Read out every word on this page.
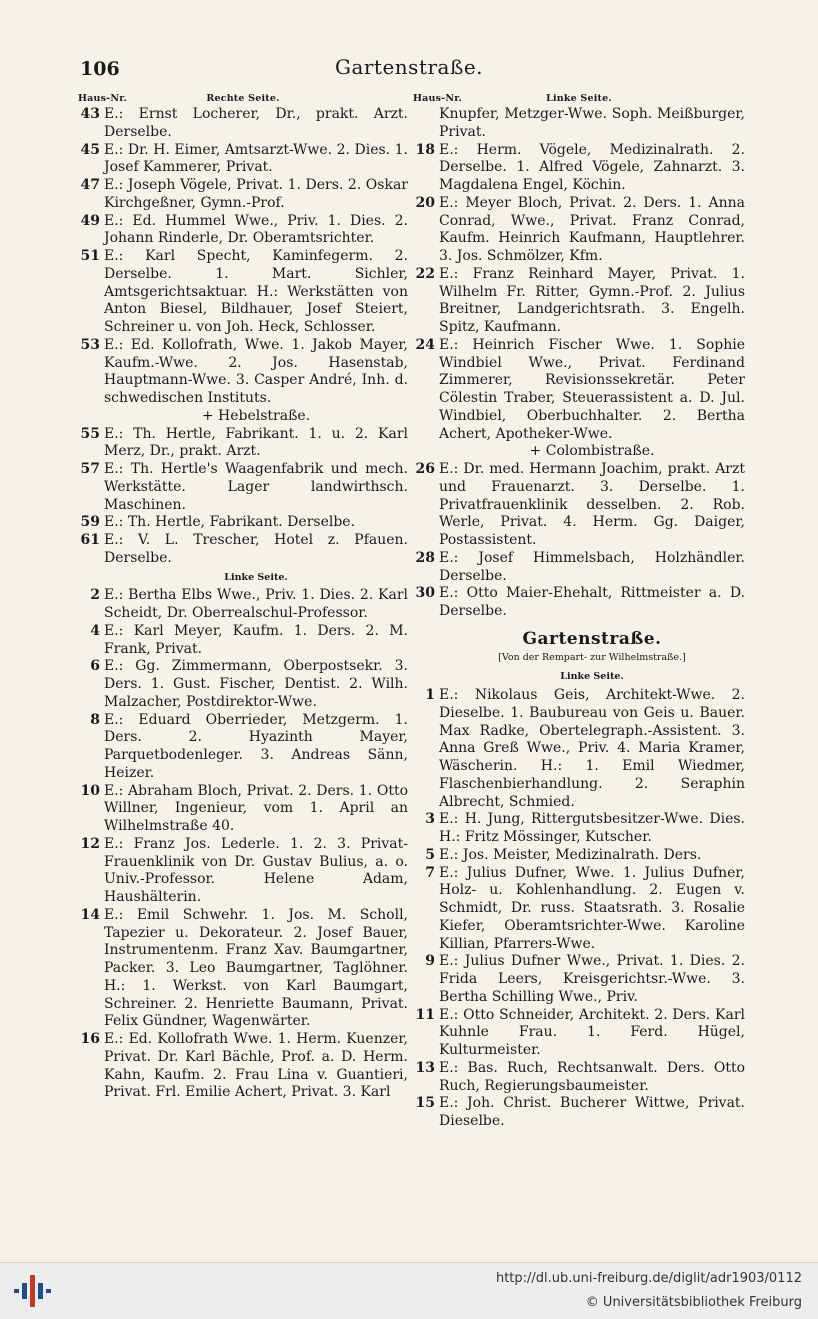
106	Gartenstraße.
Haus-Nr.	Rechte Seite.
43 E.: Ernst Locherer, Dr., prakt. Arzt. Derselbe.
45 E.: Dr. H. Eimer, Amtsarzt-Wwe. 2. Dies. 1. Josef Kammerer, Privat.
47 E.: Joseph Vögele, Privat. 1. Ders. 2. Oskar Kirchgeßner, Gymn.-Prof.
49 E.: Ed. Hummel Wwe., Priv. 1. Dies. 2. Johann Rinderle, Dr. Oberamtsrichter.
51 E.: Karl Specht, Kaminfegerm. 2. Derselbe. 1. Mart. Sichler, Amtsgerichtsaktuar. H.: Werkstätten von Anton Biesel, Bildhauer, Josef Steiert, Schreiner u. von Joh. Heck, Schlosser.
53 E.: Ed. Kollofrath, Wwe. 1. Jakob Mayer, Kaufm.-Wwe. 2. Jos. Hasenstab, Hauptmann-Wwe. 3. Casper André, Inh. d. schwedischen Instituts.
+ Hebelstraße.
55 E.: Th. Hertle, Fabrikant. 1. u. 2. Karl Merz, Dr., prakt. Arzt.
57 E.: Th. Hertle's Waagenfabrik und mech. Werkstätte. Lager landwirthsch. Maschinen.
59 E.: Th. Hertle, Fabrikant. Derselbe.
61 E.: V. L. Trescher, Hotel z. Pfauen. Derselbe.
Linke Seite.
2 E.: Bertha Elbs Wwe., Priv. 1. Dies. 2. Karl Scheidt, Dr. Oberrealschul-Professor.
4 E.: Karl Meyer, Kaufm. 1. Ders. 2. M. Frank, Privat.
6 E.: Gg. Zimmermann, Oberpostsekr. 3. Ders. 1. Gust. Fischer, Dentist. 2. Wilh. Malzacher, Postdirektor-Wwe.
8 E.: Eduard Oberrieder, Metzgerm. 1. Ders. 2. Hyazinth Mayer, Parquetbodenleger. 3. Andreas Sänn, Heizer.
10 E.: Abraham Bloch, Privat. 2. Ders. 1. Otto Willner, Ingenieur, vom 1. April an Wilhelmstraße 40.
12 E.: Franz Jos. Lederle. 1. 2. 3. Privat-Frauenklinik von Dr. Gustav Bulius, a. o. Univ.-Professor. Helene Adam, Haushälterin.
14 E.: Emil Schwehr. 1. Jos. M. Scholl, Tapezier u. Dekorateur. 2. Josef Bauer, Instrumentenm. Franz Xav. Baumgartner, Packer. 3. Leo Baumgartner, Taglöhner. H.: 1. Werkst. von Karl Baumgart, Schreiner. 2. Henriette Baumann, Privat. Felix Gündner, Wagenwärter.
16 E.: Ed. Kollofrath Wwe. 1. Herm. Kuenzer, Privat. Dr. Karl Bächle, Prof. a. D. Herm. Kahn, Kaufm. 2. Frau Lina v. Guantieri, Privat. Frl. Emilie Achert, Privat. 3. Karl
Haus-Nr.	Linke Seite.
Knupfer, Metzger-Wwe. Soph. Meißburger, Privat.
18 E.: Herm. Vögele, Medizinalrath. 2. Derselbe. 1. Alfred Vögele, Zahnarzt. 3. Magdalena Engel, Köchin.
20 E.: Meyer Bloch, Privat. 2. Ders. 1. Anna Conrad, Wwe., Privat. Franz Conrad, Kaufm. Heinrich Kaufmann, Hauptlehrer. 3. Jos. Schmölzer, Kfm.
22 E.: Franz Reinhard Mayer, Privat. 1. Wilhelm Fr. Ritter, Gymn.-Prof. 2. Julius Breitner, Landgerichtsrath. 3. Engelh. Spitz, Kaufmann.
24 E.: Heinrich Fischer Wwe. 1. Sophie Windbiel Wwe., Privat. Ferdinand Zimmerer, Revisionssekretär. Peter Cölestin Traber, Steuerassistent a. D. Jul. Windbiel, Oberbuchhalter. 2. Bertha Achert, Apotheker-Wwe.
+ Colombistraße.
26 E.: Dr. med. Hermann Joachim, prakt. Arzt und Frauenarzt. 3. Derselbe. 1. Privatfrauenklinik desselben. 2. Rob. Werle, Privat. 4. Herm. Gg. Daiger, Postassistent.
28 E.: Josef Himmelsbach, Holzhändler. Derselbe.
30 E.: Otto Maier-Ehehalt, Rittmeister a. D. Derselbe.
Gartenstraße.
[Von der Rempart- zur Wilhelmstraße.]
Linke Seite.
1 E.: Nikolaus Geis, Architekt-Wwe. 2. Dieselbe. 1. Baubureau von Geis u. Bauer. Max Radke, Obertelegraph.-Assistent. 3. Anna Greß Wwe., Priv. 4. Maria Kramer, Wäscherin. H.: 1. Emil Wiedmer, Flaschenbierhandlung. 2. Seraphin Albrecht, Schmied.
3 E.: H. Jung, Rittergutsbesitzer-Wwe. Dies. H.: Fritz Mössinger, Kutscher.
5 E.: Jos. Meister, Medizinalrath. Ders.
7 E.: Julius Dufner, Wwe. 1. Julius Dufner, Holz- u. Kohlenhandlung. 2. Eugen v. Schmidt, Dr. russ. Staatsrath. 3. Rosalie Kiefer, Oberamtsrichter-Wwe. Karoline Killian, Pfarrers-Wwe.
9 E.: Julius Dufner Wwe., Privat. 1. Dies. 2. Frida Leers, Kreisgerichtsr.-Wwe. 3. Bertha Schilling Wwe., Priv.
11 E.: Otto Schneider, Architekt. 2. Ders. Karl Kuhnle Frau. 1. Ferd. Hügel, Kulturmeister.
13 E.: Bas. Ruch, Rechtsanwalt. Ders. Otto Ruch, Regierungsbaumeister.
15 E.: Joh. Christ. Bucherer Wittwe, Privat. Dieselbe.
http://dl.ub.uni-freiburg.de/diglit/adr1903/0112
© Universitätsbibliothek Freiburg
